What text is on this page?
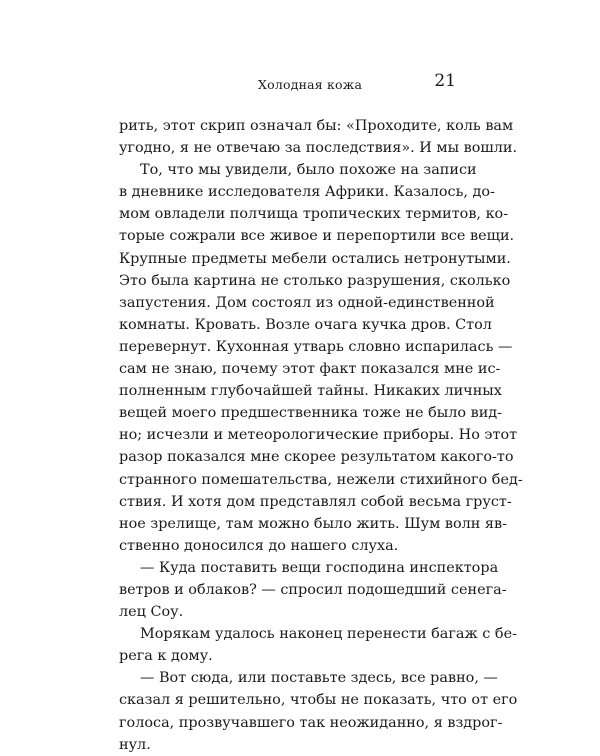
Холодная кожа	21

рить, этот скрип означал бы: «Проходите, коль вам
угодно, я не отвечаю за последствия». И мы вошли.

То, что мы увидели, было похоже на записи
в дневнике исследователя Африки. Казалось, до-
мом овладели полчища тропических термитов, ко-
торые сожрали все живое и перепортили все вещи.
Крупные предметы мебели остались нетронутыми.
Это была картина не столько разрушения, сколько
запустения. Дом состоял из одной-единственной
комнаты. Кровать. Возле очага кучка дров. Стол
перевернут. Кухонная утварь словно испарилась —
сам не знаю, почему этот факт показался мне ис-
полненным глубочайшей тайны. Никаких личных
вещей моего предшественника тоже не было вид-
но; исчезли и метеорологические приборы. Но этот
разор показался мне скорее результатом какого-то
странного помешательства, нежели стихийного бед-
ствия. И хотя дом представлял собой весьма груст-
ное зрелище, там можно было жить. Шум волн яв-
ственно доносился до нашего слуха.

— Куда поставить вещи господина инспектора
ветров и облаков? — спросил подошедший сенега-
лец Соу.

Морякам удалось наконец перенести багаж с бе-
рега к дому.

— Вот сюда, или поставьте здесь, все равно, —
сказал я решительно, чтобы не показать, что от его
голоса, прозвучавшего так неожиданно, я вздрог-
нул.
